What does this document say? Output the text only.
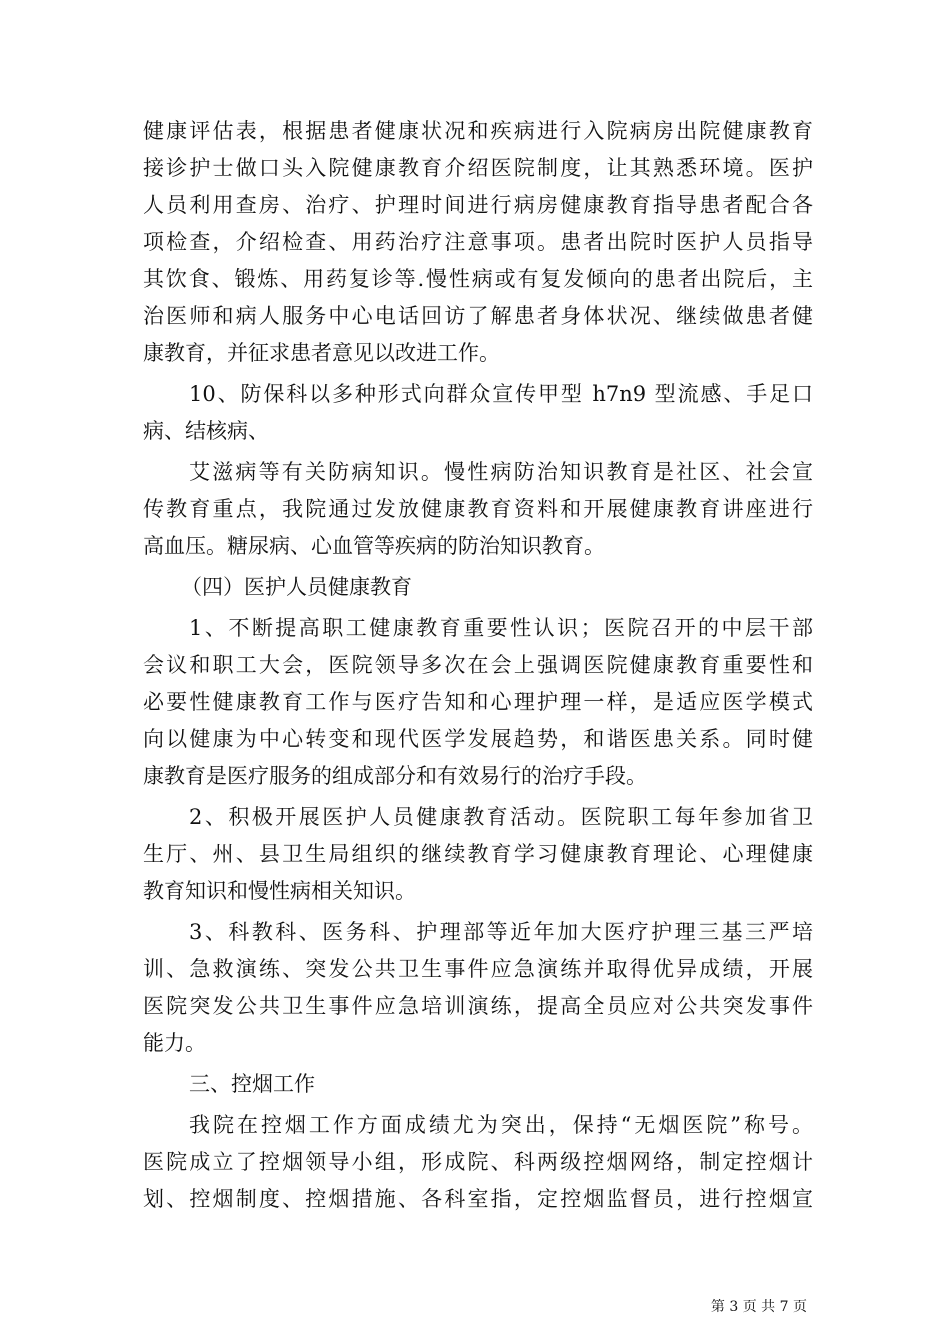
健康评估表，根据患者健康状况和疾病进行入院病房出院健康教育
接诊护士做口头入院健康教育介绍医院制度，让其熟悉环境。医护
人员利用查房、治疗、护理时间进行病房健康教育指导患者配合各
项检查，介绍检查、用药治疗注意事项。患者出院时医护人员指导
其饮食、锻炼、用药复诊等.慢性病或有复发倾向的患者出院后，主
治医师和病人服务中心电话回访了解患者身体状况、继续做患者健
康教育，并征求患者意见以改进工作。
10、防保科以多种形式向群众宣传甲型 h7n9 型流感、手足口
病、结核病、
艾滋病等有关防病知识。慢性病防治知识教育是社区、社会宣
传教育重点，我院通过发放健康教育资料和开展健康教育讲座进行
高血压。糖尿病、心血管等疾病的防治知识教育。
（四）医护人员健康教育
1、不断提高职工健康教育重要性认识；医院召开的中层干部
会议和职工大会，医院领导多次在会上强调医院健康教育重要性和
必要性健康教育工作与医疗告知和心理护理一样，是适应医学模式
向以健康为中心转变和现代医学发展趋势，和谐医患关系。同时健
康教育是医疗服务的组成部分和有效易行的治疗手段。
2、积极开展医护人员健康教育活动。医院职工每年参加省卫
生厅、州、县卫生局组织的继续教育学习健康教育理论、心理健康
教育知识和慢性病相关知识。
3、科教科、医务科、护理部等近年加大医疗护理三基三严培
训、急救演练、突发公共卫生事件应急演练并取得优异成绩，开展
医院突发公共卫生事件应急培训演练，提高全员应对公共突发事件
能力。
三、控烟工作
我院在控烟工作方面成绩尤为突出，保持“无烟医院”称号。
医院成立了控烟领导小组，形成院、科两级控烟网络，制定控烟计
划、控烟制度、控烟措施、各科室指，定控烟监督员，进行控烟宣
第 3 页 共 7 页
